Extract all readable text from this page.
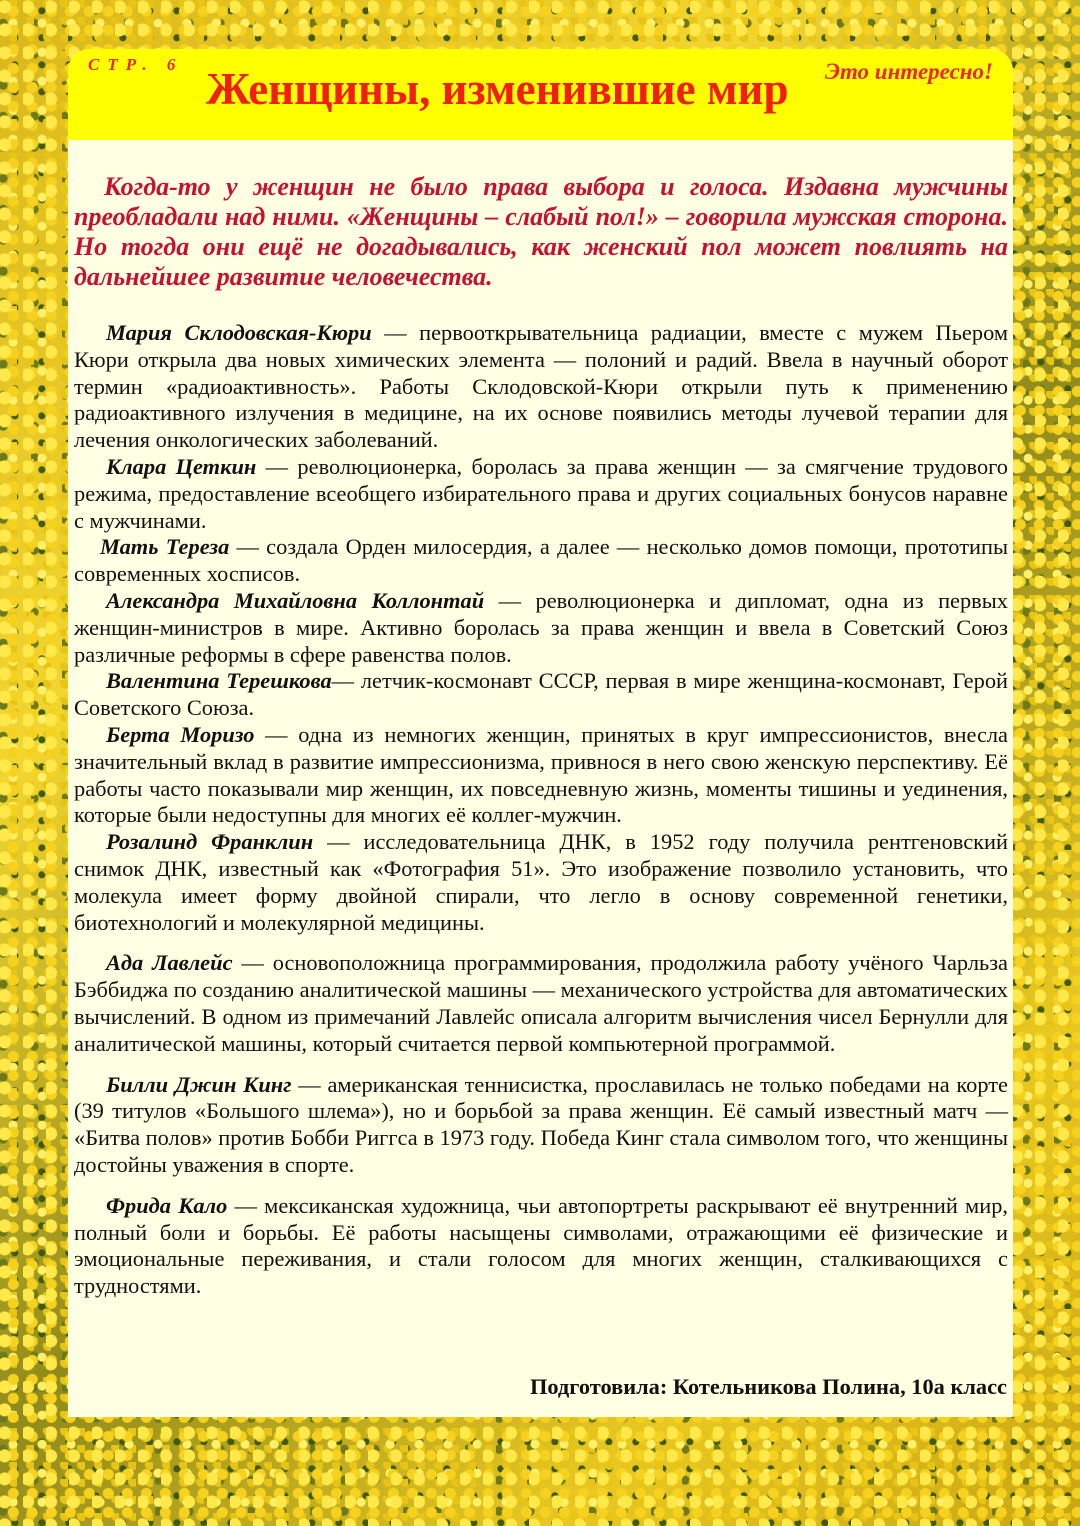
СТР. 6 Женщины, изменившие мир Это интересно!

Когда-то у женщин не было права выбора и голоса. Издавна мужчины преобладали над ними. «Женщины – слабый пол!» – говорила мужская сторона. Но тогда они ещё не догадывались, как женский пол может повлиять на дальнейшее развитие человечества.

Мария Склодовская-Кюри — первооткрывательница радиации, вместе с мужем Пьером Кюри открыла два новых химических элемента — полоний и радий. Ввела в научный оборот термин «радиоактивность». Работы Склодовской-Кюри открыли путь к применению радиоактивного излучения в медицине, на их основе появились методы лучевой терапии для лечения онкологических заболеваний.

Клара Цеткин — революционерка, боролась за права женщин — за смягчение трудового режима, предоставление всеобщего избирательного права и других социальных бонусов наравне с мужчинами.

Мать Тереза — создала Орден милосердия, а далее — несколько домов помощи, прототипы современных хосписов.

Александра Михайловна Коллонтай — революционерка и дипломат, одна из первых женщин-министров в мире. Активно боролась за права женщин и ввела в Советский Союз различные реформы в сфере равенства полов.

Валентина Терешкова— летчик-космонавт СССР, первая в мире женщина-космонавт, Герой Советского Союза.

Берта Моризо — одна из немногих женщин, принятых в круг импрессионистов, внесла значительный вклад в развитие импрессионизма, привнося в него свою женскую перспективу. Её работы часто показывали мир женщин, их повседневную жизнь, моменты тишины и уединения, которые были недоступны для многих её коллег-мужчин.

Розалинд Франклин — исследовательница ДНК, в 1952 году получила рентгеновский снимок ДНК, известный как «Фотография 51». Это изображение позволило установить, что молекула имеет форму двойной спирали, что легло в основу современной генетики, биотехнологий и молекулярной медицины.

Ада Лавлейс — основоположница программирования, продолжила работу учёного Чарльза Бэббиджа по созданию аналитической машины — механического устройства для автоматических вычислений. В одном из примечаний Лавлейс описала алгоритм вычисления чисел Бернулли для аналитической машины, который считается первой компьютерной программой.

Билли Джин Кинг — американская теннисистка, прославилась не только победами на корте (39 титулов «Большого шлема»), но и борьбой за права женщин. Её самый известный матч — «Битва полов» против Бобби Риггса в 1973 году. Победа Кинг стала символом того, что женщины достойны уважения в спорте.

Фрида Кало — мексиканская художница, чьи автопортреты раскрывают её внутренний мир, полный боли и борьбы. Её работы насыщены символами, отражающими её физические и эмоциональные переживания, и стали голосом для многих женщин, сталкивающихся с трудностями.

Подготовила: Котельникова Полина, 10а класс
